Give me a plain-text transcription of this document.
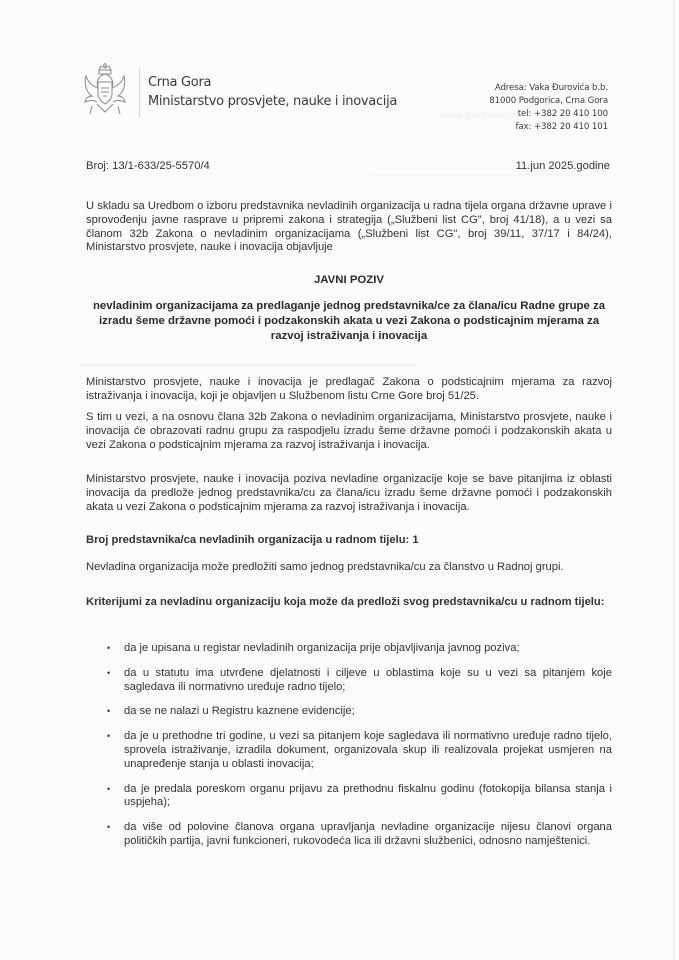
www.gov.me/mpni
──────────────────────────────
────────────────────────────────────────────────
Crna Gora
Ministarstvo prosvjete, nauke i inovacija
Adresa: Vaka Đurovića b.b.
81000 Podgorica, Crna Gora
tel: +382 20 410 100
fax: +382 20 410 101
Broj: 13/1-633/25-5570/4	11.jun 2025.godine

U skladu sa Uredbom o izboru predstavnika nevladinih organizacija u radna tijela organa državne uprave i sprovođenju javne rasprave u pripremi zakona i strategija („Službeni list CG", broj 41/18), a u vezi sa članom 32b Zakona o nevladinim organizacijama („Službeni list CG", broj 39/11, 37/17 i 84/24), Ministarstvo prosvjete, nauke i inovacija objavljuje

JAVNI POZIV
nevladinim organizacijama za predlaganje jednog predstavnika/ce za člana/icu Radne grupe za izradu šeme državne pomoći i podzakonskih akata u vezi Zakona o podsticajnim mjerama za razvoj istraživanja i inovacija

Ministarstvo prosvjete, nauke i inovacija je predlagač Zakona o podsticajnim mjerama za razvoj istraživanja i inovacija, koji je objavljen u Službenom listu Crne Gore broj 51/25.

S tim u vezi, a na osnovu člana 32b Zakona o nevladinim organizacijama, Ministarstvo prosvjete, nauke i inovacija će obrazovati radnu grupu za raspodjelu izradu šeme državne pomoći i podzakonskih akata u vezi Zakona o podsticajnim mjerama za razvoj istraživanja i inovacija.

Ministarstvo prosvjete, nauke i inovacija poziva nevladine organizacije koje se bave pitanjima iz oblasti inovacija da predlože jednog predstavnika/cu za člana/icu izradu šeme državne pomoći i podzakonskih akata u vezi Zakona o podsticajnim mjerama za razvoj istraživanja i inovacija.

Broj predstavnika/ca nevladinih organizacija u radnom tijelu: 1

Nevladina organizacija može predložiti samo jednog predstavnika/cu za članstvo u Radnoj grupi.

Kriterijumi za nevladinu organizaciju koja može da predloži svog predstavnika/cu u radnom tijelu:

• da je upisana u registar nevladinih organizacija prije objavljivanja javnog poziva;
• da u statutu ima utvrđene djelatnosti i ciljeve u oblastima koje su u vezi sa pitanjem koje sagledava ili normativno uređuje radno tijelo;
• da se ne nalazi u Registru kaznene evidencije;
• da je u prethodne tri godine, u vezi sa pitanjem koje sagledava ili normativno uređuje radno tijelo, sprovela istraživanje, izradila dokument, organizovala skup ili realizovala projekat usmjeren na unapređenje stanja u oblasti inovacija;
• da je predala poreskom organu prijavu za prethodnu fiskalnu godinu (fotokopija bilansa stanja i uspjeha);
• da više od polovine članova organa upravljanja nevladine organizacije nijesu članovi organa političkih partija, javni funkcioneri, rukovodeća lica ili državni službenici, odnosno namještenici.
